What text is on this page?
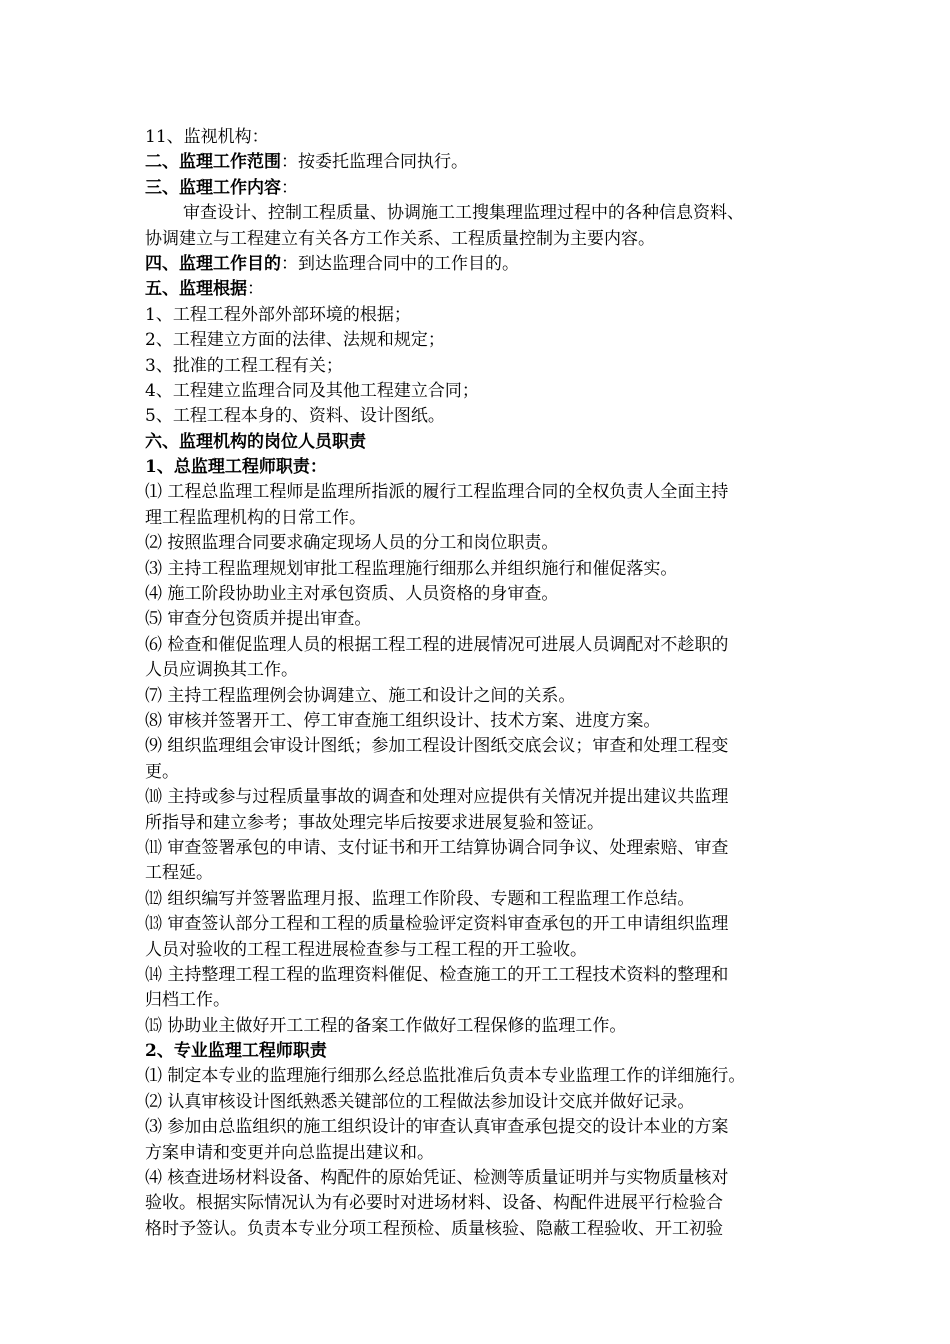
11、监视机构：
二、监理工作范围：按委托监理合同执行。
三、监理工作内容：
审查设计、控制工程质量、协调施工工搜集理监理过程中的各种信息资料、
协调建立与工程建立有关各方工作关系、工程质量控制为主要内容。
四、监理工作目的：到达监理合同中的工作目的。
五、监理根据：
1、工程工程外部外部环境的根据；
2、工程建立方面的法律、法规和规定；
3、批准的工程工程有关；
4、工程建立监理合同及其他工程建立合同；
5、工程工程本身的、资料、设计图纸。
六、监理机构的岗位人员职责
1、总监理工程师职责：
⑴ 工程总监理工程师是监理所指派的履行工程监理合同的全权负责人全面主持
理工程监理机构的日常工作。
⑵ 按照监理合同要求确定现场人员的分工和岗位职责。
⑶ 主持工程监理规划审批工程监理施行细那么并组织施行和催促落实。
⑷ 施工阶段协助业主对承包资质、人员资格的身审查。
⑸ 审查分包资质并提出审查。
⑹ 检查和催促监理人员的根据工程工程的进展情况可进展人员调配对不趁职的
人员应调换其工作。
⑺ 主持工程监理例会协调建立、施工和设计之间的关系。
⑻ 审核并签署开工、停工审查施工组织设计、技术方案、进度方案。
⑼ 组织监理组会审设计图纸；参加工程设计图纸交底会议；审查和处理工程变
更。
⑽ 主持或参与过程质量事故的调查和处理对应提供有关情况并提出建议共监理
所指导和建立参考；事故处理完毕后按要求进展复验和签证。
⑾ 审查签署承包的申请、支付证书和开工结算协调合同争议、处理索赔、审查
工程延。
⑿ 组织编写并签署监理月报、监理工作阶段、专题和工程监理工作总结。
⒀ 审查签认部分工程和工程的质量检验评定资料审查承包的开工申请组织监理
人员对验收的工程工程进展检查参与工程工程的开工验收。
⒁ 主持整理工程工程的监理资料催促、检查施工的开工工程技术资料的整理和
归档工作。
⒂ 协助业主做好开工工程的备案工作做好工程保修的监理工作。
2、专业监理工程师职责
⑴ 制定本专业的监理施行细那么经总监批准后负责本专业监理工作的详细施行。
⑵ 认真审核设计图纸熟悉关键部位的工程做法参加设计交底并做好记录。
⑶ 参加由总监组织的施工组织设计的审查认真审查承包提交的设计本业的方案
方案申请和变更并向总监提出建议和。
⑷ 核查进场材料设备、构配件的原始凭证、检测等质量证明并与实物质量核对
验收。根据实际情况认为有必要时对进场材料、设备、构配件进展平行检验合
格时予签认。负责本专业分项工程预检、质量核验、隐蔽工程验收、开工初验
